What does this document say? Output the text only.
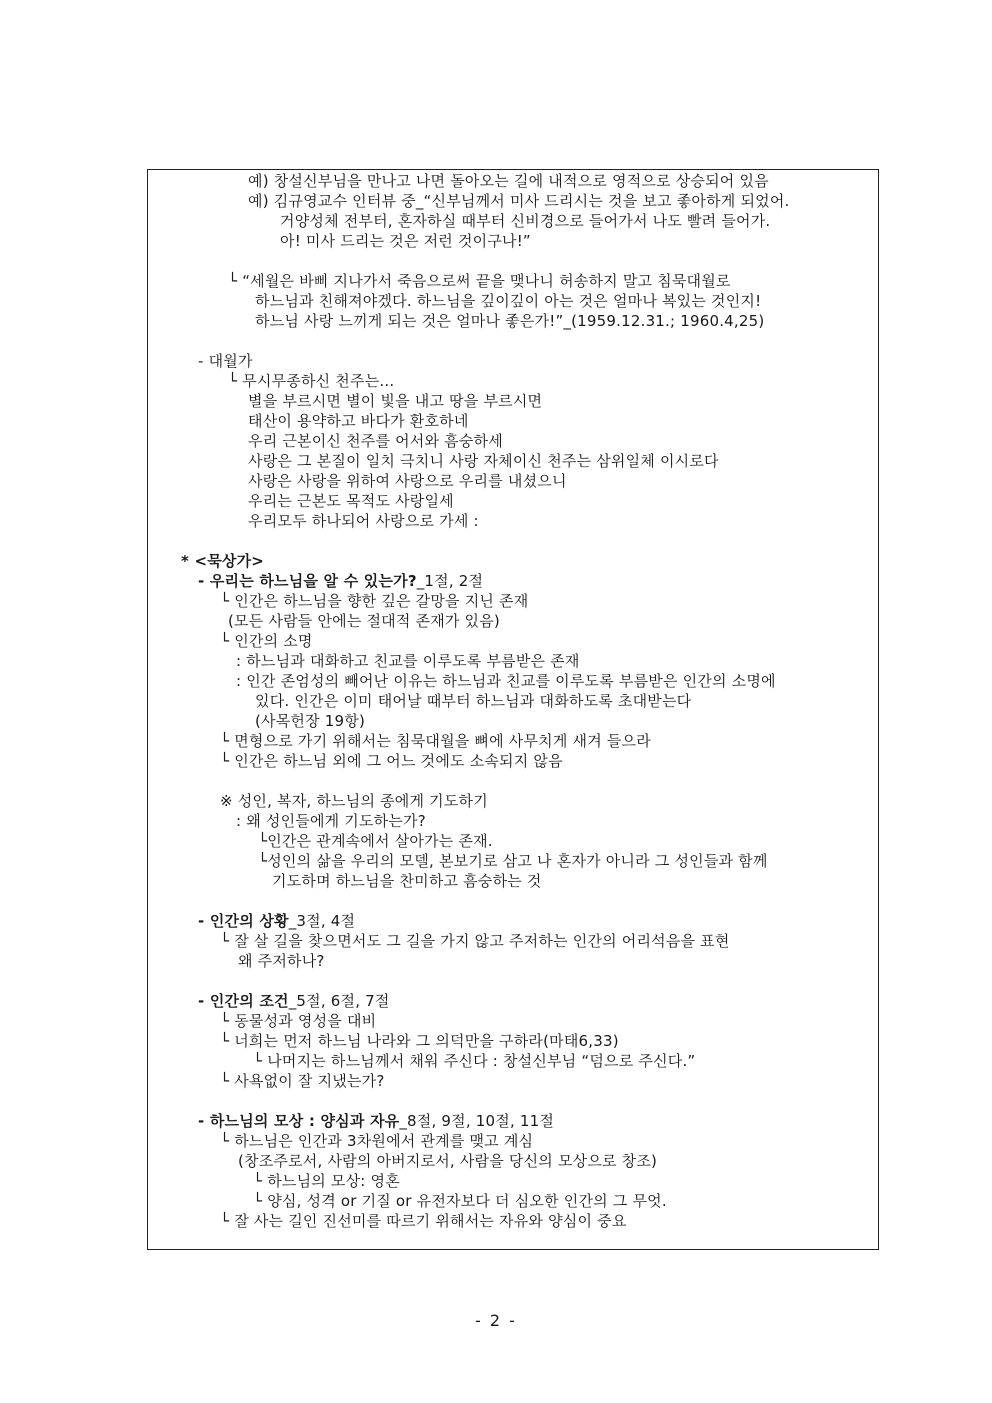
예) 창설신부님을 만나고 나면 돌아오는 길에 내적으로 영적으로 상승되어 있음
예) 김규영교수 인터뷰 중_“신부님께서 미사 드리시는 것을 보고 좋아하게 되었어.
거양성체 전부터, 혼자하실 때부터 신비경으로 들어가서 나도 빨려 들어가.
아! 미사 드리는 것은 저런 것이구나!”
└ “세월은 바삐 지나가서 죽음으로써 끝을 맺나니 허송하지 말고 침묵대월로
하느님과 친해져야겠다. 하느님을 깊이깊이 아는 것은 얼마나 복있는 것인지!
하느님 사랑 느끼게 되는 것은 얼마나 좋은가!”_(1959.12.31.; 1960.4,25)
- 대월가
└ 무시무종하신 천주는...
별을 부르시면 별이 빛을 내고 땅을 부르시면
태산이 용약하고 바다가 환호하네
우리 근본이신 천주를 어서와 흠숭하세
사랑은 그 본질이 일치 극치니 사랑 자체이신 천주는 삼위일체 이시로다
사랑은 사랑을 위하여 사랑으로 우리를 내셨으니
우리는 근본도 목적도 사랑일세
우리모두 하나되어 사랑으로 가세 :
* <묵상가>
- 우리는 하느님을 알 수 있는가?_1절, 2절
└ 인간은 하느님을 향한 깊은 갈망을 지닌 존재
(모든 사람들 안에는 절대적 존재가 있음)
└ 인간의 소명
: 하느님과 대화하고 친교를 이루도록 부름받은 존재
: 인간 존엄성의 빼어난 이유는 하느님과 친교를 이루도록 부름받은 인간의 소명에
있다. 인간은 이미 태어날 때부터 하느님과 대화하도록 초대받는다
(사목헌장 19항)
└ 면형으로 가기 위해서는 침묵대월을 뼈에 사무치게 새겨 들으라
└ 인간은 하느님 외에 그 어느 것에도 소속되지 않음
※ 성인, 복자, 하느님의 종에게 기도하기
: 왜 성인들에게 기도하는가?
└인간은 관계속에서 살아가는 존재.
└성인의 삶을 우리의 모델, 본보기로 삼고 나 혼자가 아니라 그 성인들과 함께
기도하며 하느님을 찬미하고 흠숭하는 것
- 인간의 상황_3절, 4절
└ 잘 살 길을 찾으면서도 그 길을 가지 않고 주저하는 인간의 어리석음을 표현
왜 주저하나?
- 인간의 조건_5절, 6절, 7절
└ 동물성과 영성을 대비
└ 너희는 먼저 하느님 나라와 그 의덕만을 구하라(마태6,33)
└ 나머지는 하느님께서 채워 주신다 : 창설신부님 “덤으로 주신다.”
└ 사욕없이 잘 지냈는가?
- 하느님의 모상 : 양심과 자유_8절, 9절, 10절, 11절
└ 하느님은 인간과 3차원에서 관계를 맺고 계심
(창조주로서, 사람의 아버지로서, 사람을 당신의 모상으로 창조)
└ 하느님의 모상: 영혼
└ 양심, 성격 or 기질 or 유전자보다 더 심오한 인간의 그 무엇.
└ 잘 사는 길인 진선미를 따르기 위해서는 자유와 양심이 중요
- 2 -
